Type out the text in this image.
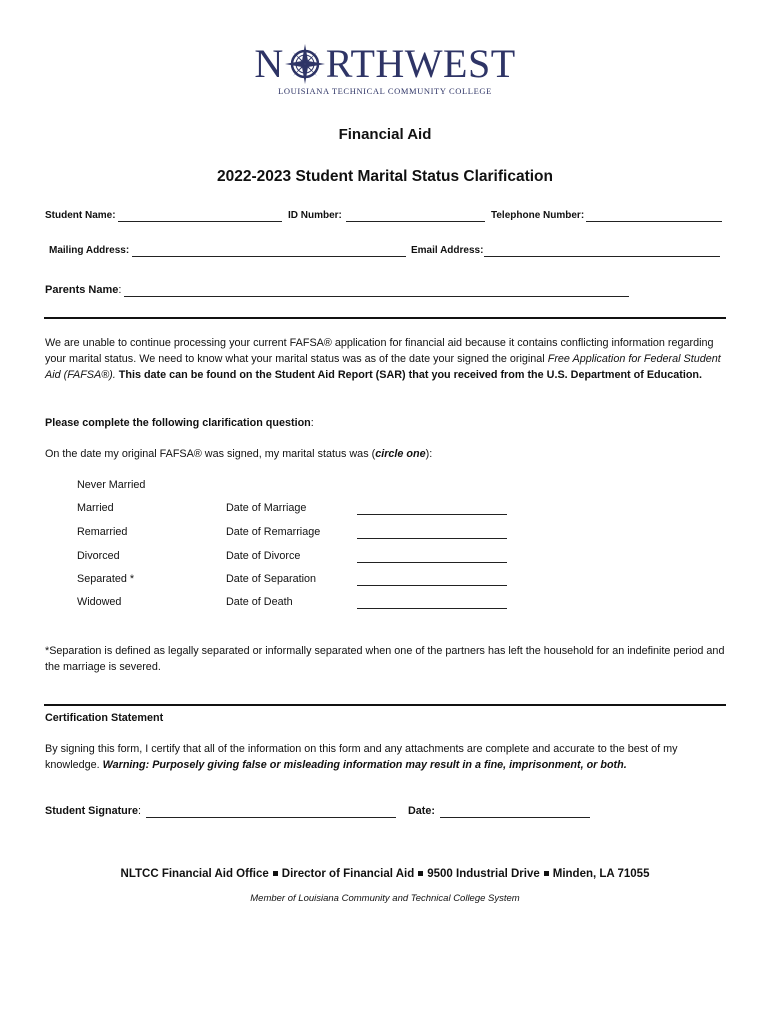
N RTHWEST
LOUISIANA TECHNICAL COMMUNITY COLLEGE
Financial Aid
2022-2023 Student Marital Status Clarification
Student Name:	ID Number:	Telephone Number:
Mailing Address:	Email Address:
Parents Name:
We are unable to continue processing your current FAFSA® application for financial aid because it contains conflicting information regarding your marital status. We need to know what your marital status was as of the date your signed the original Free Application for Federal Student Aid (FAFSA®). This date can be found on the Student Aid Report (SAR) that you received from the U.S. Department of Education.
Please complete the following clarification question:
On the date my original FAFSA® was signed, my marital status was (circle one):
Never Married
Married	Date of Marriage
Remarried	Date of Remarriage
Divorced	Date of Divorce
Separated *	Date of Separation
Widowed	Date of Death
*Separation is defined as legally separated or informally separated when one of the partners has left the household for an indefinite period and the marriage is severed.
Certification Statement
By signing this form, I certify that all of the information on this form and any attachments are complete and accurate to the best of my knowledge. Warning: Purposely giving false or misleading information may result in a fine, imprisonment, or both.
Student Signature:	Date:
NLTCC Financial Aid Office Director of Financial Aid 9500 Industrial Drive Minden, LA 71055
Member of Louisiana Community and Technical College System
